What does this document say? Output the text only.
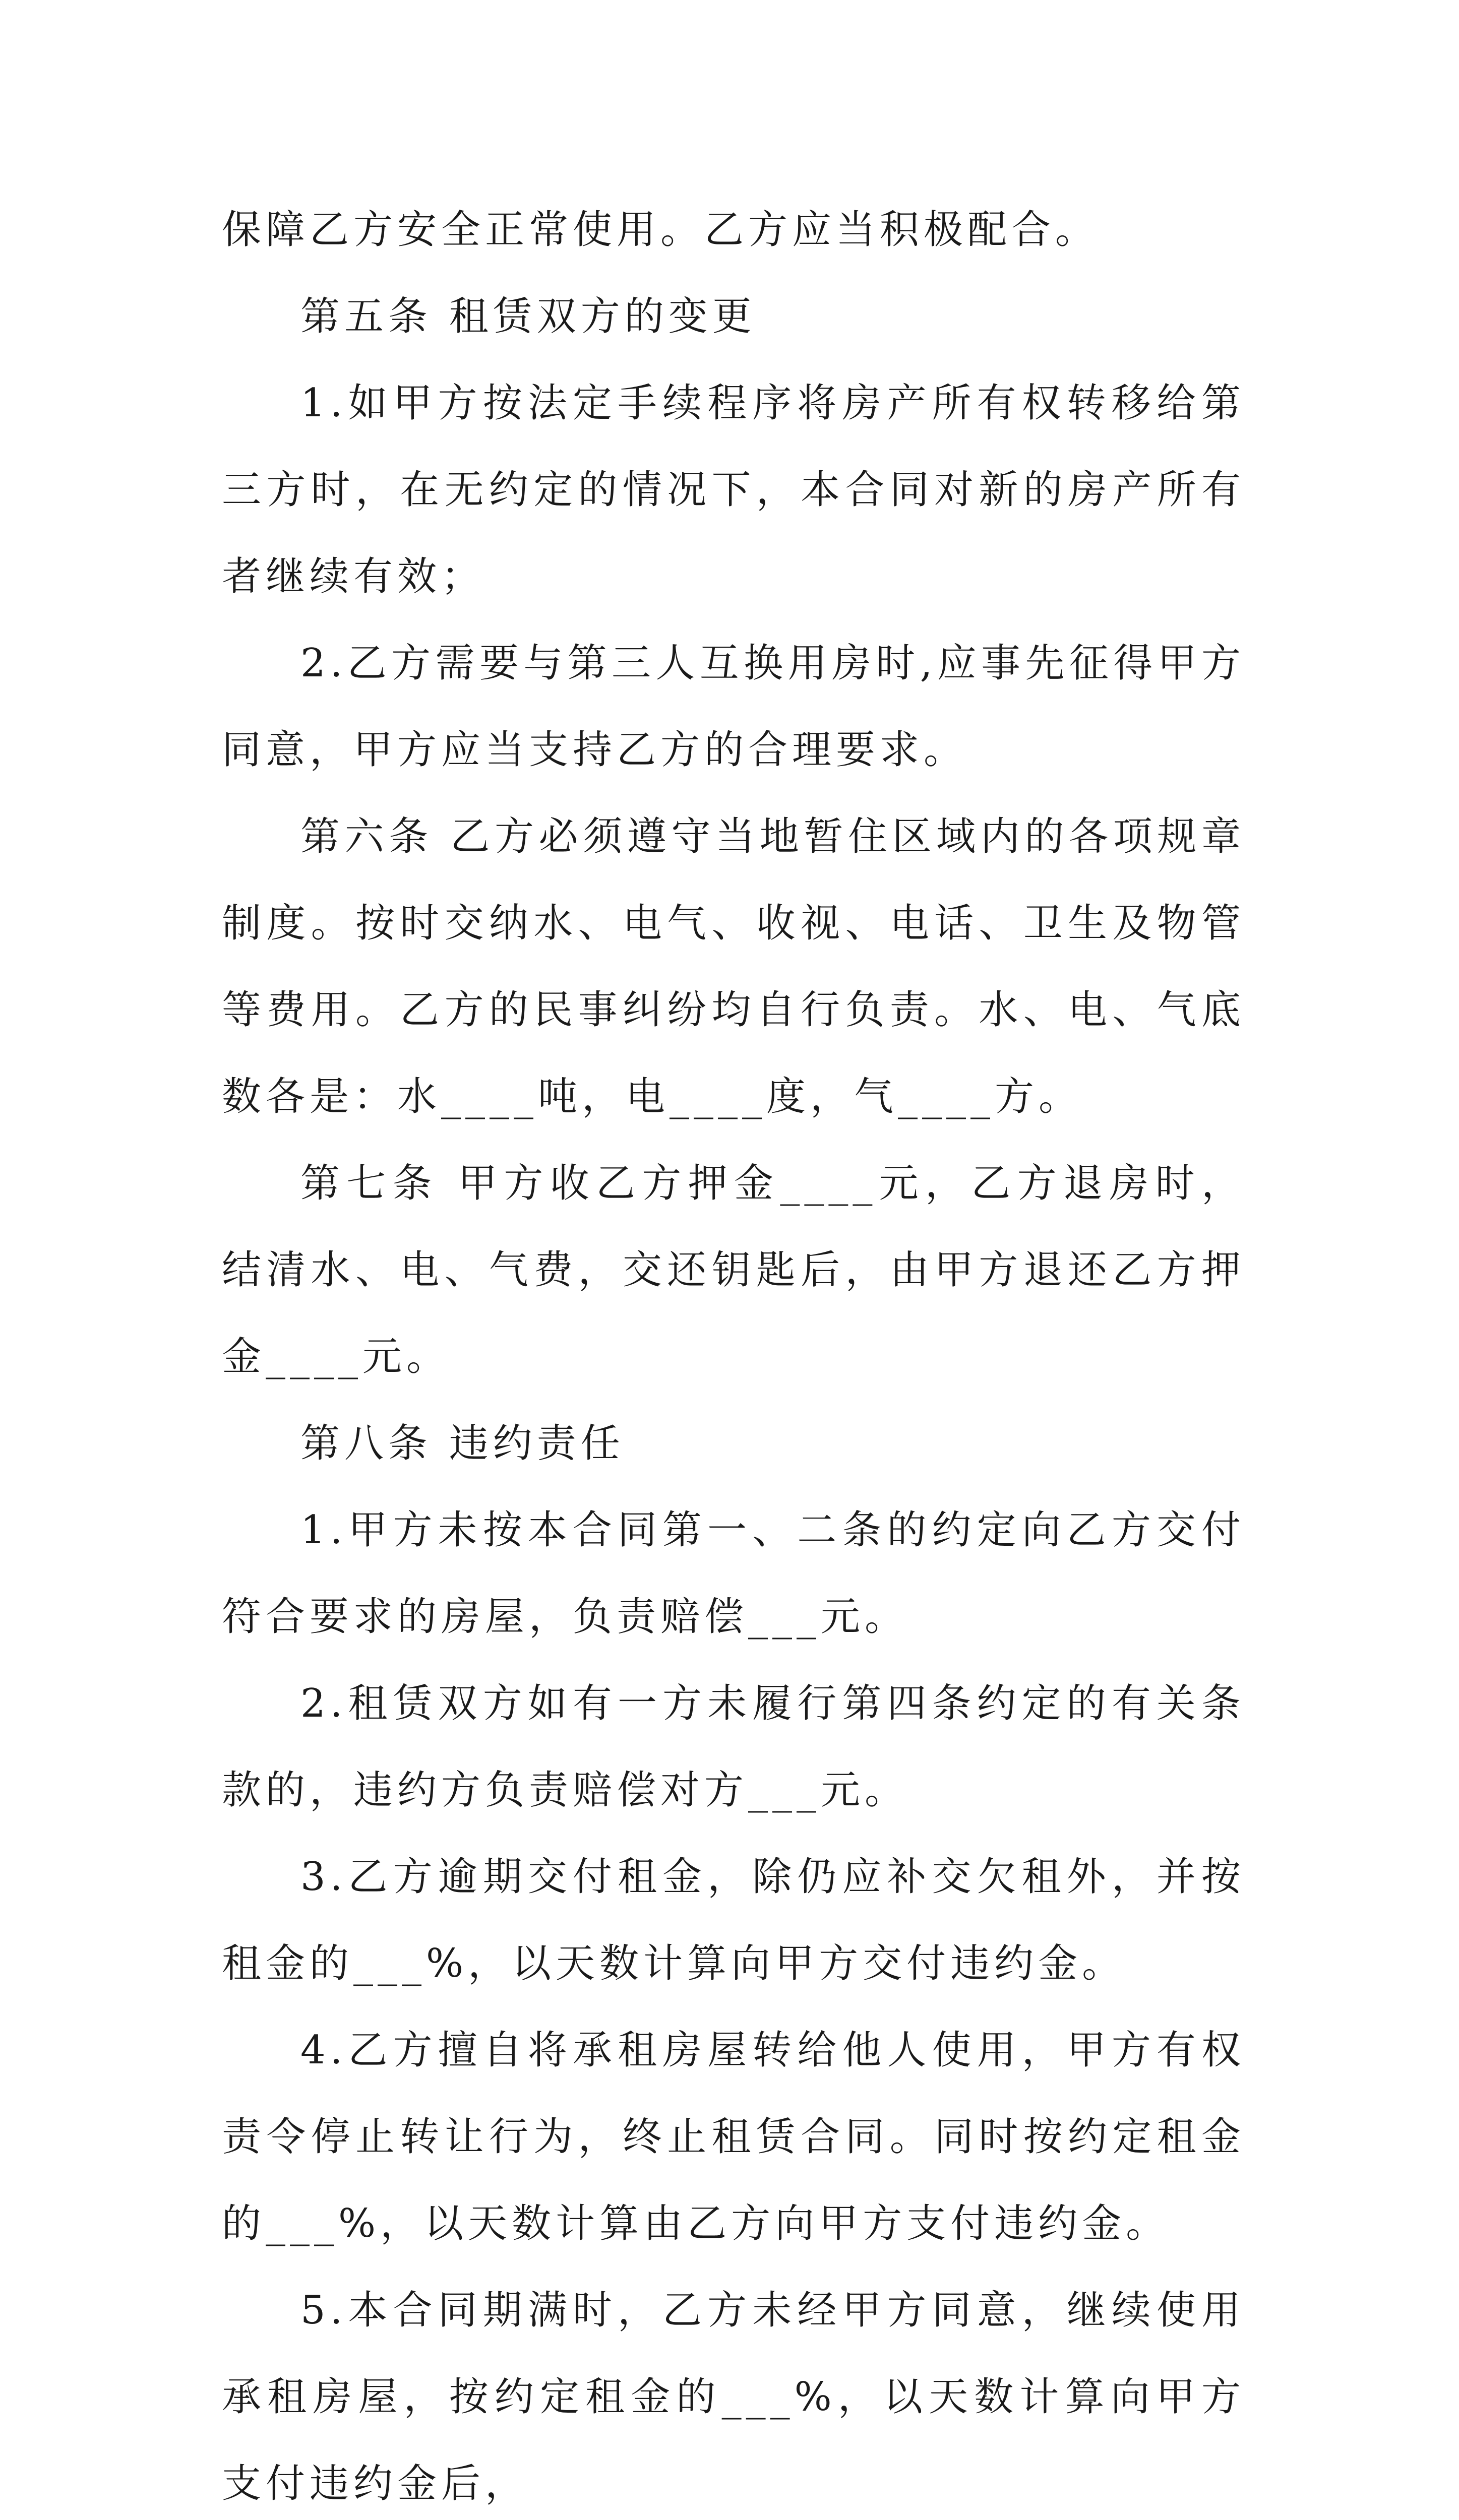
保障乙方安全正常使用。乙方应当积极配合。

第五条 租赁双方的变更

1.如甲方按法定手续程序将房产所有权转移给第三方时，在无约定的情况下，本合同对新的房产所有者继续有效；

2.乙方需要与第三人互换用房时,应事先征得甲方同意，甲方应当支持乙方的合理要求。

第六条 乙方必须遵守当地暂住区域内的各项规章制度。按时交纳水、电气、收视、电话、卫生及物管等费用。乙方的民事纠纷均自行负责。水、电、气底数各是：水____吨，电____度，气____方。

第七条 甲方收乙方押金____元，乙方退房时，结清水、电、气费，交还钥匙后，由甲方退还乙方押金____元。

第八条 违约责任

1.甲方未按本合同第一、二条的约定向乙方交付符合要求的房屋，负责赔偿___元。

2.租赁双方如有一方未履行第四条约定的有关条款的，违约方负责赔偿对方___元。

3.乙方逾期交付租金，除仍应补交欠租外，并按租金的___%，以天数计算向甲方交付违约金。

4.乙方擅自将承租房屋转给他人使用，甲方有权责令停止转让行为，终止租赁合同。同时按约定租金的___%，以天数计算由乙方向甲方支付违约金。

5.本合同期满时，乙方未经甲方同意，继续使用承租房屋，按约定租金的___%，以天数计算向甲方支付违约金后，
